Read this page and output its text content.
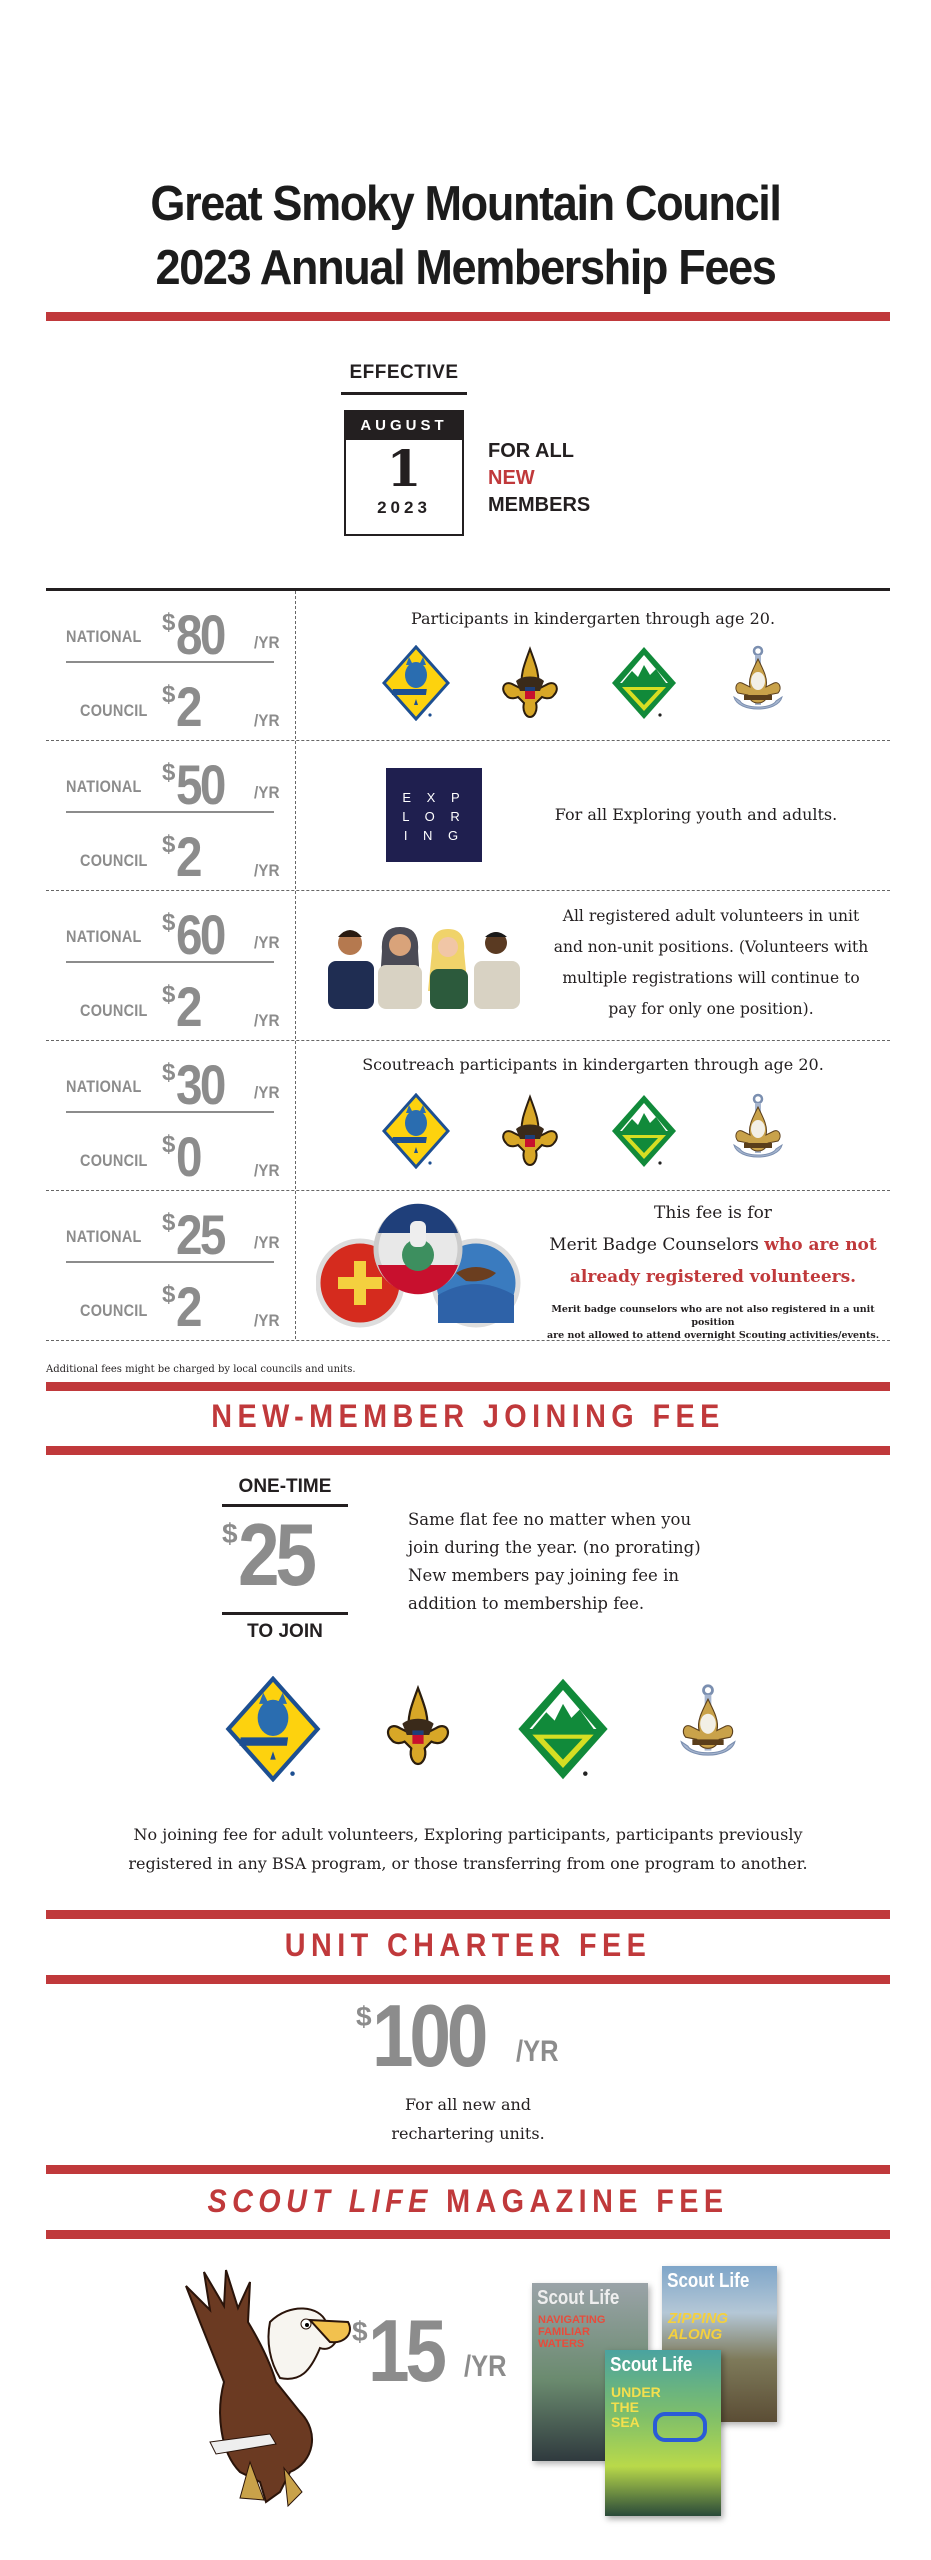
Great Smoky Mountain Council
2023 Annual Membership Fees
EFFECTIVE
AUGUST
1
2023
FOR ALL
NEW
MEMBERS
NATIONAL
$ 80 /YR
COUNCIL
$ 2	/YR
Participants in kindergarten through age 20.
NATIONAL
$ 50 /YR
COUNCIL
$ 2	/YR
E X P
L O R
I N G
For all Exploring youth and adults.
NATIONAL
$ 60 /YR
COUNCIL
$ 2	/YR
All registered adult volunteers in unit
and non-unit positions. (Volunteers with
multiple registrations will continue to
pay for only one position).
NATIONAL
$ 30 /YR
COUNCIL
$ 0	/YR
Scoutreach participants in kindergarten through age 20.
NATIONAL
$ 25 /YR
COUNCIL
$ 2	/YR
This fee is for
Merit Badge Counselors who are not
already registered volunteers.
Merit badge counselors who are not also registered in a unit position
are not allowed to attend overnight Scouting activities/events.
Additional fees might be charged by local councils and units.
NEW-MEMBER JOINING FEE
ONE-TIME
$ 25
TO JOIN
Same flat fee no matter when you
join during the year. (no prorating)
New members pay joining fee in
addition to membership fee.
No joining fee for adult volunteers, Exploring participants, participants previously
registered in any BSA program, or those transferring from one program to another.
UNIT CHARTER FEE
$ 100 /YR
For all new and
rechartering units.
SCOUT LIFE MAGAZINE FEE
$ 15 /YR
Scout Life
NAVIGATING FAMILIAR WATERS
Scout Life
ZIPPING ALONG
Scout Life
UNDER THE SEA
